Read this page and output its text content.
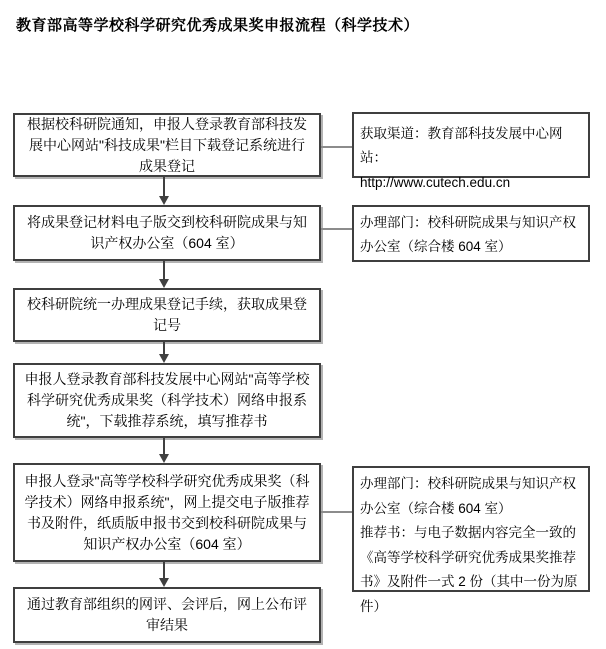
教育部高等学校科学研究优秀成果奖申报流程（科学技术）
根据校科研院通知，申报人登录教育部科技发展中心网站"科技成果"栏目下载登记系统进行成果登记
将成果登记材料电子版交到校科研院成果与知识产权办公室（604 室）
校科研院统一办理成果登记手续，获取成果登记号
申报人登录教育部科技发展中心网站"高等学校科学研究优秀成果奖（科学技术）网络申报系统"，下载推荐系统，填写推荐书
申报人登录"高等学校科学研究优秀成果奖（科学技术）网络申报系统"，网上提交电子版推荐书及附件，纸质版申报书交到校科研院成果与知识产权办公室（604 室）
通过教育部组织的网评、会评后，网上公布评审结果

获取渠道：教育部科技发展中心网站：

http://www.cutech.edu.cn

办理部门：校科研院成果与知识产权办公室（综合楼 604 室）

办理部门：校科研院成果与知识产权办公室（综合楼 604 室）

推荐书：与电子数据内容完全一致的《高等学校科学研究优秀成果奖推荐书》及附件一式 2 份（其中一份为原件）
